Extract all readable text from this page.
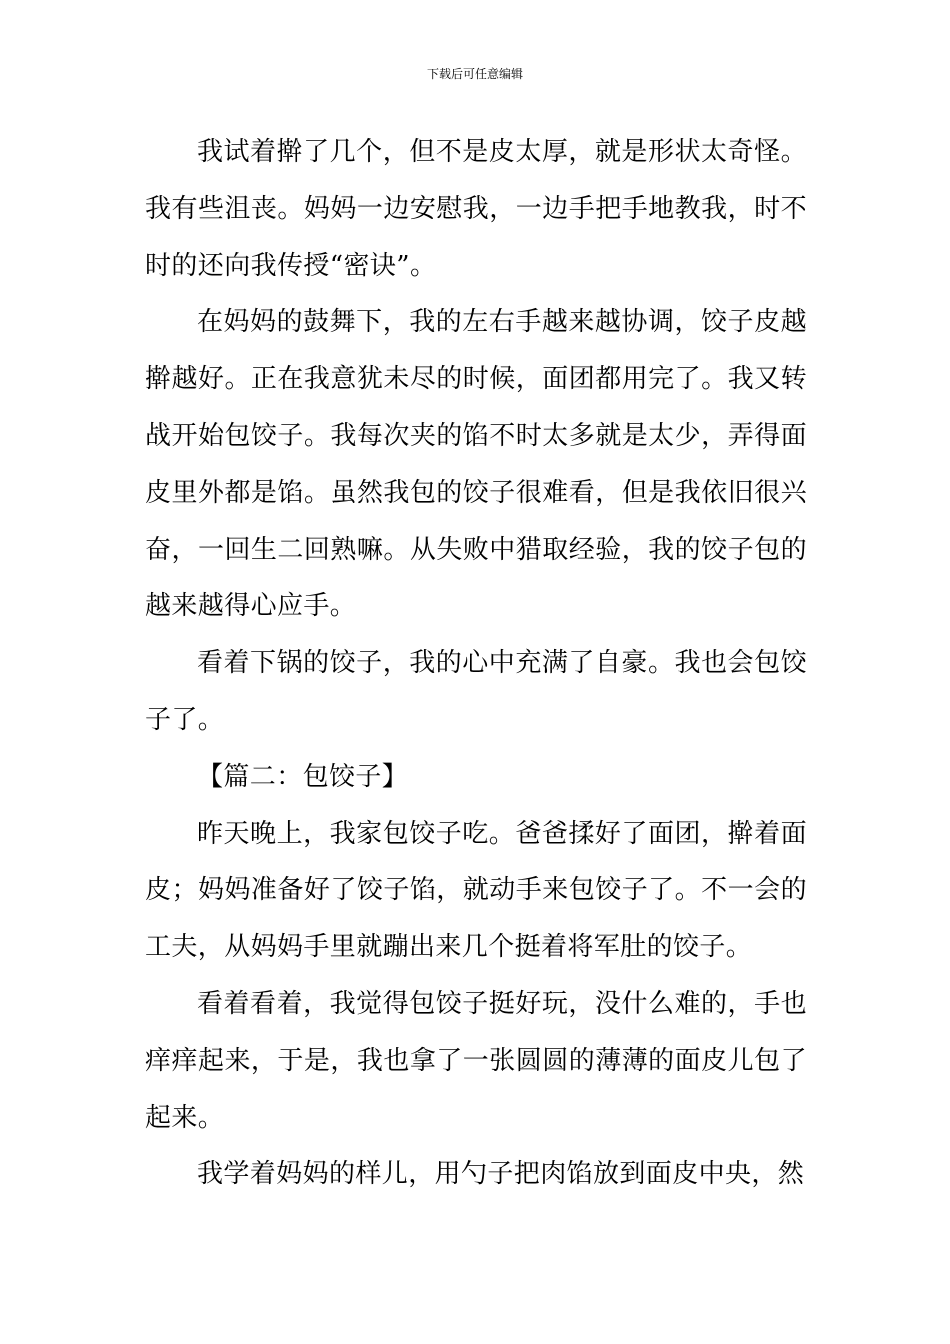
下载后可任意编辑

我试着擀了几个，但不是皮太厚，就是形状太奇怪。我有些沮丧。妈妈一边安慰我，一边手把手地教我，时不时的还向我传授“密诀”。

在妈妈的鼓舞下，我的左右手越来越协调，饺子皮越擀越好。正在我意犹未尽的时候，面团都用完了。我又转战开始包饺子。我每次夹的馅不时太多就是太少，弄得面皮里外都是馅。虽然我包的饺子很难看，但是我依旧很兴奋，一回生二回熟嘛。从失败中猎取经验，我的饺子包的越来越得心应手。

看着下锅的饺子，我的心中充满了自豪。我也会包饺子了。

【篇二：包饺子】

昨天晚上，我家包饺子吃。爸爸揉好了面团，擀着面皮；妈妈准备好了饺子馅，就动手来包饺子了。不一会的工夫，从妈妈手里就蹦出来几个挺着将军肚的饺子。

看着看着，我觉得包饺子挺好玩，没什么难的，手也痒痒起来，于是，我也拿了一张圆圆的薄薄的面皮儿包了起来。

我学着妈妈的样儿，用勺子把肉馅放到面皮中央，然
